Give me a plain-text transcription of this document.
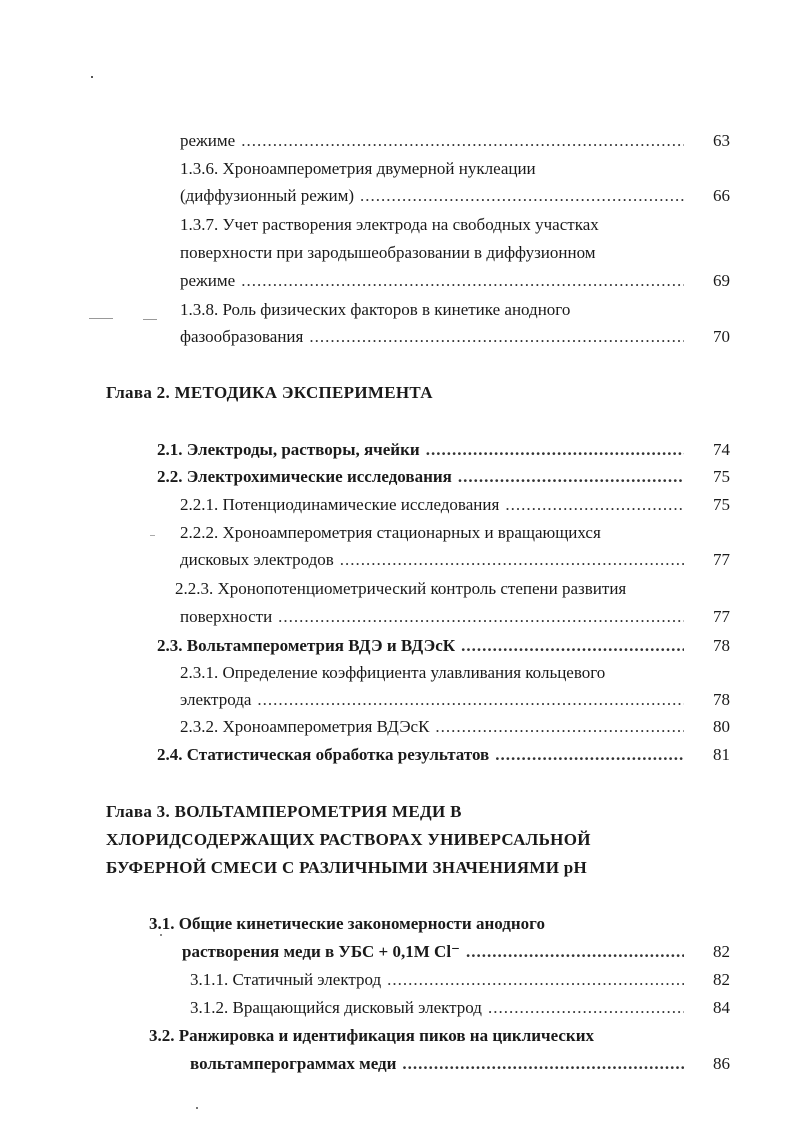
режиме .....	63
1.3.6. Хроноамперометрия двумерной нуклеации
(диффузионный режим) .....	66
1.3.7. Учет растворения электрода на свободных участках
поверхности при зародышеобразовании в диффузионном
режиме .....	69
1.3.8. Роль физических факторов в кинетике анодного
фазообразования .....	70
Глава 2. МЕТОДИКА ЭКСПЕРИМЕНТА
2.1. Электроды, растворы, ячейки .....	74
2.2. Электрохимические исследования .....	75
2.2.1. Потенциодинамические исследования .....	75
2.2.2. Хроноамперометрия стационарных и вращающихся
дисковых электродов .....	77
2.2.3. Хронопотенциометрический контроль степени развития
поверхности .....	77
2.3. Вольтамперометрия ВДЭ и ВДЭсК .....	78
2.3.1. Определение коэффициента улавливания кольцевого
электрода .....	78
2.3.2. Хроноамперометрия ВДЭсК .....	80
2.4. Статистическая обработка результатов .....	81
Глава 3. ВОЛЬТАМПЕРОМЕТРИЯ МЕДИ В
ХЛОРИДСОДЕРЖАЩИХ РАСТВОРАХ УНИВЕРСАЛЬНОЙ
БУФЕРНОЙ СМЕСИ С РАЗЛИЧНЫМИ ЗНАЧЕНИЯМИ рН
3.1. Общие кинетические закономерности анодного
растворения меди в УБС + 0,1М Cl⁻ .....	82
3.1.1. Статичный электрод .....	82
3.1.2. Вращающийся дисковый электрод .....	84
3.2. Ранжировка и идентификация пиков на циклических
вольтамперограммах меди .....	86
